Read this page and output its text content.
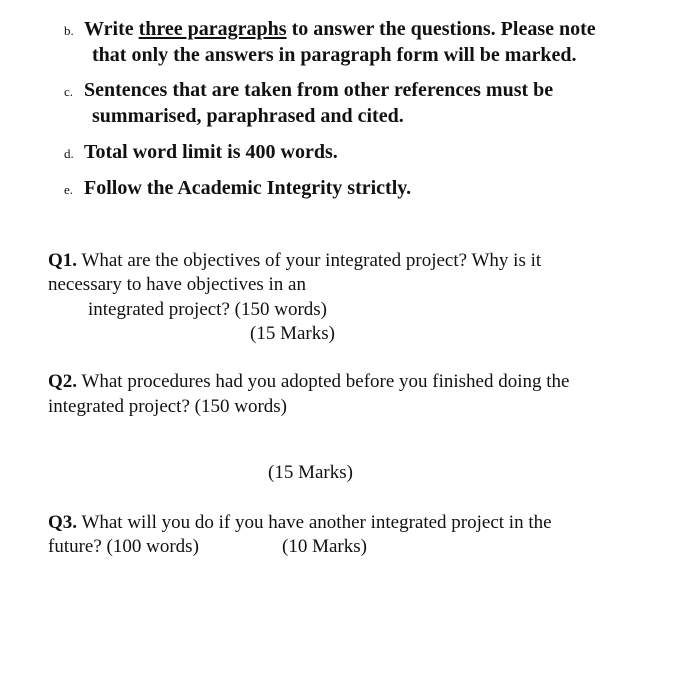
b. Write three paragraphs to answer the questions. Please note
that only the answers in paragraph form will be marked.
c. Sentences that are taken from other references must be
summarised, paraphrased and cited.
d. Total word limit is 400 words.
e. Follow the Academic Integrity strictly.
Q1. What are the objectives of your integrated project? Why is it
necessary to have objectives in an
integrated project? (150 words)
(15 Marks)
Q2. What procedures had you adopted before you finished doing the
integrated project? (150 words)
(15 Marks)
Q3. What will you do if you have another integrated project in the
future? (100 words)	(10 Marks)
